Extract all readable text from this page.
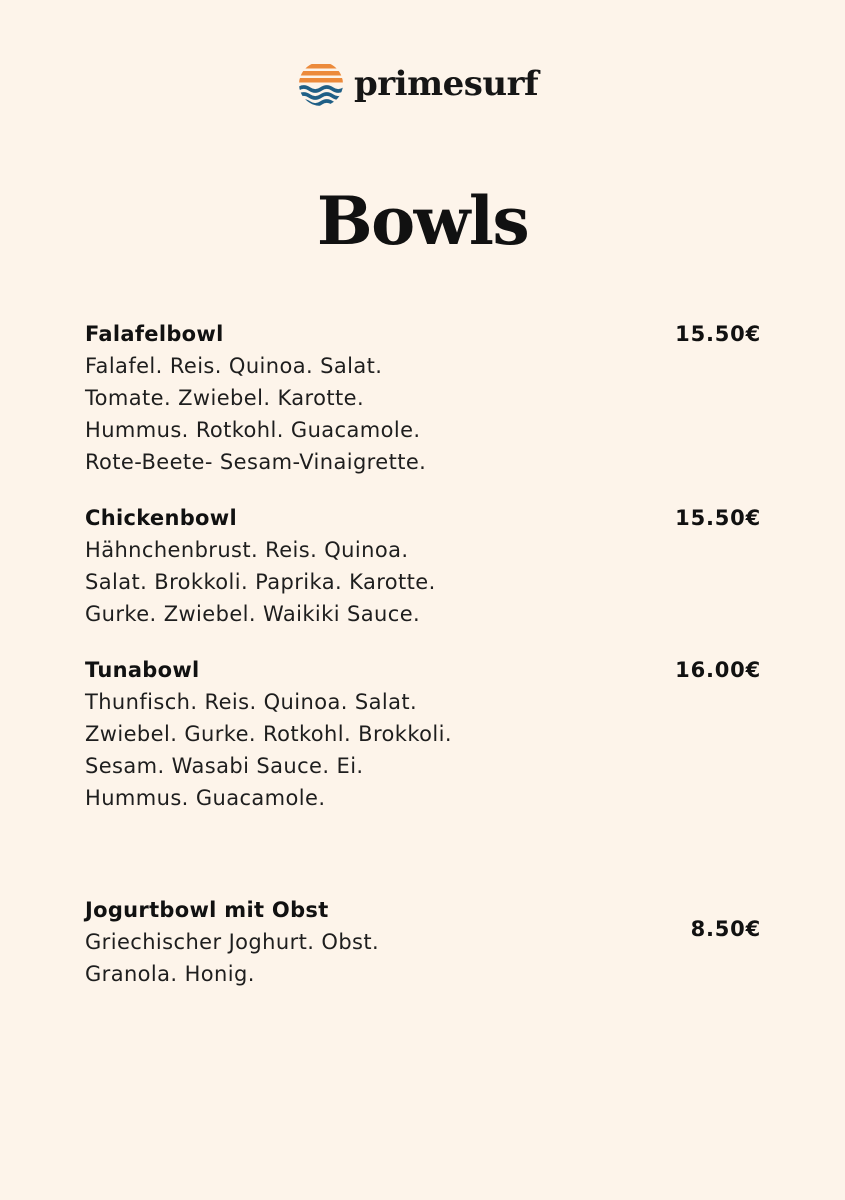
primesurf
Bowls
Falafelbowl	15.50€
Falafel. Reis. Quinoa. Salat.
Tomate. Zwiebel. Karotte.
Hummus. Rotkohl. Guacamole.
Rote-Beete- Sesam-Vinaigrette.
Chickenbowl	15.50€
Hähnchenbrust. Reis. Quinoa.
Salat. Brokkoli. Paprika. Karotte.
Gurke. Zwiebel. Waikiki Sauce.
Tunabowl	16.00€
Thunfisch. Reis. Quinoa. Salat.
Zwiebel. Gurke. Rotkohl. Brokkoli.
Sesam. Wasabi Sauce. Ei.
Hummus. Guacamole.
Jogurtbowl mit Obst
8.50€
Griechischer Joghurt. Obst.
Granola. Honig.
